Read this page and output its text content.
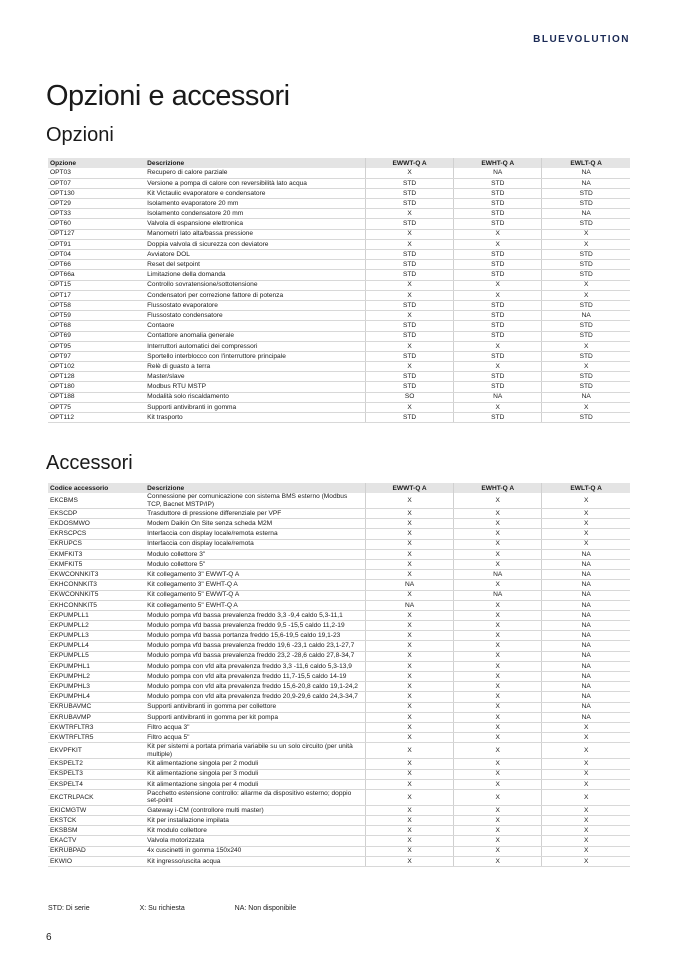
BLUEVOLUTION
Opzioni e accessori
Opzioni
Opzione	Descrizione	EWWT-Q A	EWHT-Q A	EWLT-Q A
OPT03	Recupero di calore parziale	X	NA	NA
OPT07	Versione a pompa di calore con reversibilità lato acqua	STD	STD	NA
OPT130	Kit Victaulic evaporatore e condensatore	STD	STD	STD
OPT29	Isolamento evaporatore 20 mm	STD	STD	STD
OPT33	Isolamento condensatore 20 mm	X	STD	NA
OPT60	Valvola di espansione elettronica	STD	STD	STD
OPT127	Manometri lato alta/bassa pressione	X	X	X
OPT91	Doppia valvola di sicurezza con deviatore	X	X	X
OPT04	Avviatore DOL	STD	STD	STD
OPT66	Reset del setpoint	STD	STD	STD
OPT66a	Limitazione della domanda	STD	STD	STD
OPT15	Controllo sovratensione/sottotensione	X	X	X
OPT17	Condensatori per correzione fattore di potenza	X	X	X
OPT58	Flussostato evaporatore	STD	STD	STD
OPT59	Flussostato condensatore	X	STD	NA
OPT68	Contaore	STD	STD	STD
OPT69	Contattore anomalia generale	STD	STD	STD
OPT95	Interruttori automatici dei compressori	X	X	X
OPT97	Sportello interblocco con l'interruttore principale	STD	STD	STD
OPT102	Relè di guasto a terra	X	X	X
OPT128	Master/slave	STD	STD	STD
OPT180	Modbus RTU MSTP	STD	STD	STD
OPT188	Modalità solo riscaldamento	SO	NA	NA
OPT75	Supporti antivibranti in gomma	X	X	X
OPT112	Kit trasporto	STD	STD	STD
Accessori
Codice accessorio	Descrizione	EWWT-Q A	EWHT-Q A	EWLT-Q A
EKCBMS	Connessione per comunicazione con sistema BMS esterno (Modbus TCP, Bacnet MSTP/IP)	X	X	X
EKSCDP	Trasduttore di pressione differenziale per VPF	X	X	X
EKDOSMWO	Modem Daikin On Site senza scheda M2M	X	X	X
EKRSCPCS	Interfaccia con display locale/remota esterna	X	X	X
EKRUPCS	Interfaccia con display locale/remota	X	X	X
EKMFKIT3	Modulo collettore 3"	X	X	NA
EKMFKIT5	Modulo collettore 5"	X	X	NA
EKWCONNKIT3	Kit collegamento 3" EWWT-Q A	X	NA	NA
EKHCONNKIT3	Kit collegamento 3" EWHT-Q A	NA	X	NA
EKWCONNKIT5	Kit collegamento 5" EWWT-Q A	X	NA	NA
EKHCONNKIT5	Kit collegamento 5" EWHT-Q A	NA	X	NA
EKPUMPLL1	Modulo pompa vfd bassa prevalenza freddo 3,3 -9,4 caldo 5,3-11,1	X	X	NA
EKPUMPLL2	Modulo pompa vfd bassa prevalenza freddo 9,5 -15,5 caldo 11,2-19	X	X	NA
EKPUMPLL3	Modulo pompa vfd bassa portanza freddo 15,6-19,5 caldo 19,1-23	X	X	NA
EKPUMPLL4	Modulo pompa vfd bassa prevalenza freddo 19,6 -23,1 caldo 23,1-27,7	X	X	NA
EKPUMPLL5	Modulo pompa vfd bassa prevalenza freddo 23,2 -28,6 caldo 27,8-34,7	X	X	NA
EKPUMPHL1	Modulo pompa con vfd alta prevalenza freddo 3,3 -11,6 caldo 5,3-13,9	X	X	NA
EKPUMPHL2	Modulo pompa con vfd alta prevalenza freddo 11,7-15,5 caldo 14-19	X	X	NA
EKPUMPHL3	Modulo pompa con vfd alta prevalenza freddo 15,6-20,8 caldo 19,1-24,2	X	X	NA
EKPUMPHL4	Modulo pompa con vfd alta prevalenza freddo 20,9-29,6 caldo 24,3-34,7	X	X	NA
EKRUBAVMC	Supporti antivibranti in gomma per collettore	X	X	NA
EKRUBAVMP	Supporti antivibranti in gomma per kit pompa	X	X	NA
EKWTRFLTR3	Filtro acqua 3"	X	X	X
EKWTRFLTR5	Filtro acqua 5"	X	X	X
EKVPFKIT	Kit per sistemi a portata primaria variabile su un solo circuito (per unità multiple)	X	X	X
EKSPELT2	Kit alimentazione singola per 2 moduli	X	X	X
EKSPELT3	Kit alimentazione singola per 3 moduli	X	X	X
EKSPELT4	Kit alimentazione singola per 4 moduli	X	X	X
EKCTRLPACK	Pacchetto estensione controllo: allarme da dispositivo esterno; doppio set-point	X	X	X
EKICMGTW	Gateway i-CM (controllore multi master)	X	X	X
EKSTCK	Kit per installazione impilata	X	X	X
EKSBSM	Kit modulo collettore	X	X	X
EKACTV	Valvola motorizzata	X	X	X
EKRUBPAD	4x cuscinetti in gomma 150x240	X	X	X
EKWIO	Kit ingresso/uscita acqua	X	X	X
STD: Di serie	X: Su richiesta	NA: Non disponibile
6
